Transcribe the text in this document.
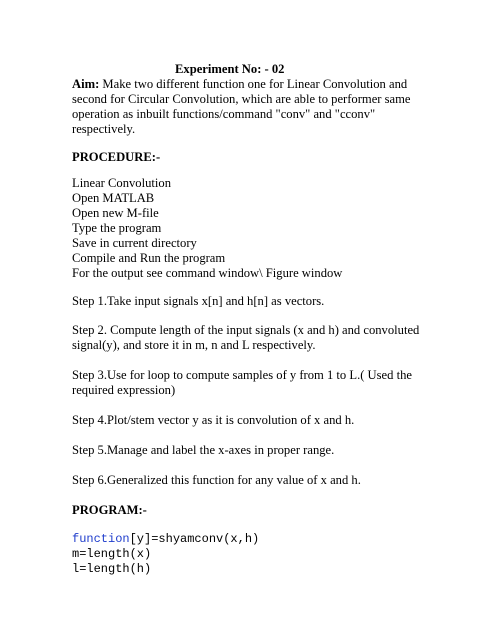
Experiment No: - 02

Aim: Make two different function one for Linear Convolution and second for Circular Convolution, which are able to performer same operation as inbuilt functions/command "conv" and "cconv" respectively.

PROCEDURE:-

Linear Convolution

Open MATLAB

Open new M-file

Type the program

Save in current directory

Compile and Run the program

For the output see command window\ Figure window

Step 1.Take input signals x[n] and h[n] as vectors.

Step 2. Compute length of the input signals (x and h) and convoluted signal(y), and store it in m, n and L respectively.

Step 3.Use for loop to compute samples of y from 1 to L.( Used the required expression)

Step 4.Plot/stem vector y as it is convolution of x and h.

Step 5.Manage and label the x-axes in proper range.

Step 6.Generalized this function for any value of x and h.

PROGRAM:-

function[y]=shyamconv(x,h)

m=length(x)

l=length(h)
